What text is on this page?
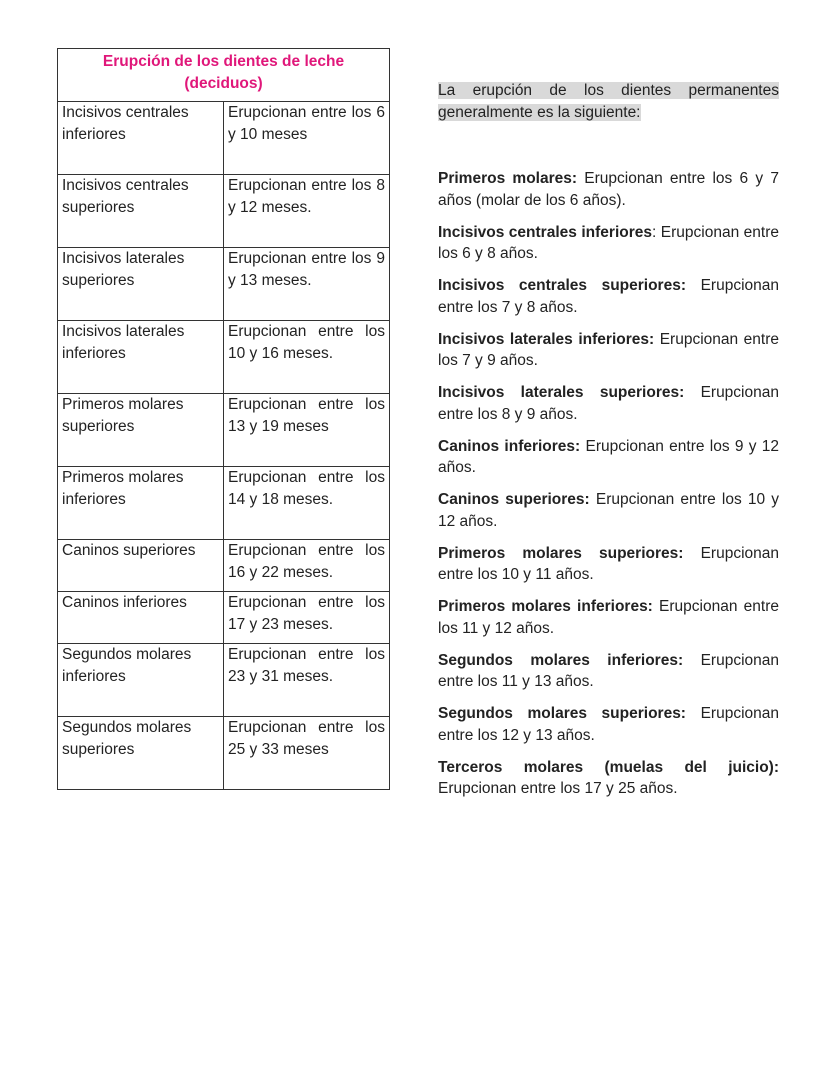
Erupción de los dientes de leche (deciduos)	
Incisivos centrales inferiores	Erupcionan entre los 6 y 10 meses
Incisivos centrales superiores	Erupcionan entre los 8 y 12 meses.
Incisivos laterales superiores	Erupcionan entre los 9 y 13 meses.
Incisivos laterales inferiores	Erupcionan entre los 10 y 16 meses.
Primeros molares superiores	Erupcionan entre los 13 y 19 meses
Primeros molares inferiores	Erupcionan entre los 14 y 18 meses.
Caninos superiores	Erupcionan entre los 16 y 22 meses.
Caninos inferiores	Erupcionan entre los 17 y 23 meses.
Segundos molares inferiores	Erupcionan entre los 23 y 31 meses.
Segundos molares superiores	Erupcionan entre los 25 y 33 meses

La erupción de los dientes permanentes generalmente es la siguiente:

Primeros molares: Erupcionan entre los 6 y 7 años (molar de los 6 años).

Incisivos centrales inferiores: Erupcionan entre los 6 y 8 años.

Incisivos centrales superiores: Erupcionan entre los 7 y 8 años.

Incisivos laterales inferiores: Erupcionan entre los 7 y 9 años.

Incisivos laterales superiores: Erupcionan entre los 8 y 9 años.

Caninos inferiores: Erupcionan entre los 9 y 12 años.

Caninos superiores: Erupcionan entre los 10 y 12 años.

Primeros molares superiores: Erupcionan entre los 10 y 11 años.

Primeros molares inferiores: Erupcionan entre los 11 y 12 años.

Segundos molares inferiores: Erupcionan entre los 11 y 13 años.

Segundos molares superiores: Erupcionan entre los 12 y 13 años.

Terceros molares (muelas del juicio): Erupcionan entre los 17 y 25 años.
